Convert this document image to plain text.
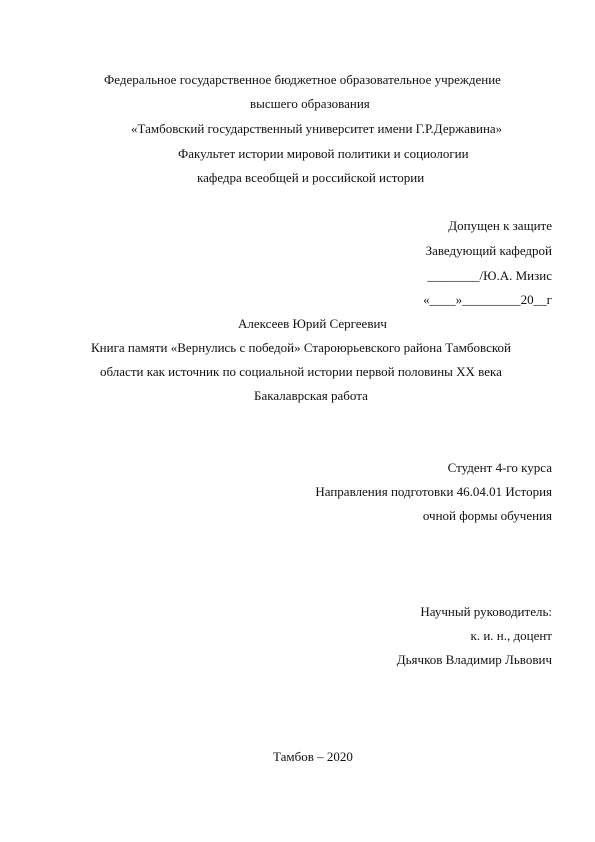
Федеральное государственное бюджетное образовательное учреждение
высшего образования
«Тамбовский государственный университет имени Г.Р.Державина»
Факультет истории мировой политики и социологии
кафедра всеобщей и российской истории
Допущен к защите
Заведующий кафедрой
________/Ю.А. Мизис
«____»_________20__г
Алексеев Юрий Сергеевич
Книга памяти «Вернулись с победой» Староюрьевского района Тамбовской
области как источник по социальной истории первой половины ХХ века
Бакалаврская работа
Студент 4-го курса
Направления подготовки 46.04.01 История
очной формы обучения
Научный руководитель:
к. и. н., доцент
Дьячков Владимир Львович
Тамбов – 2020
